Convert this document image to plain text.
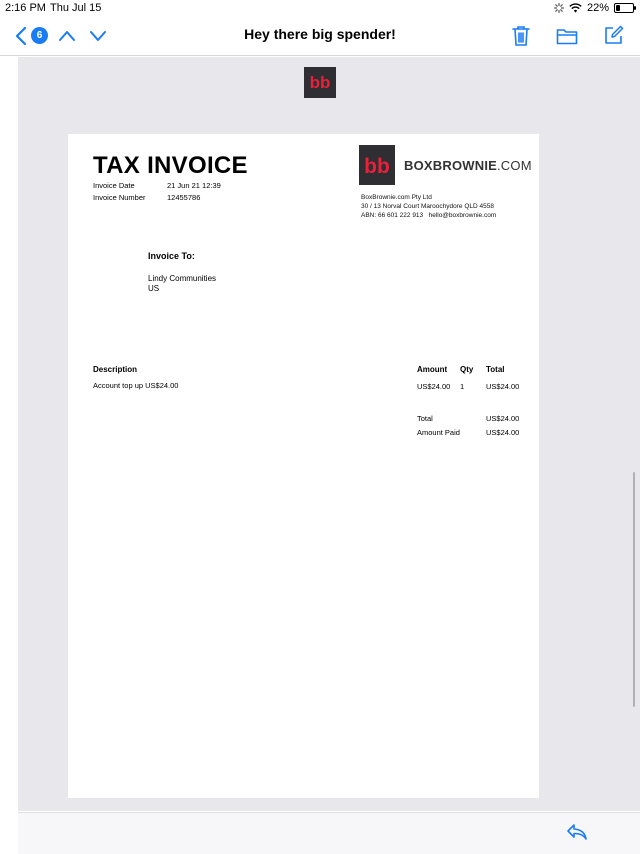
2:16 PM Thu Jul 15	22%
6	Hey there big spender!
bb
TAX INVOICE
Invoice Date	21 Jun 21 12:39
Invoice Number	12455786
bb	BOXBROWNIE.COM
BoxBrownie.com Pty Ltd
30 / 13 Norval Court Maroochydore QLD 4558
ABN: 66 601 222 913   hello@boxbrownie.com
Invoice To:
Lindy Communities
US
Description	Amount Qty Total
Account top up US$24.00	US$24.00 1	US$24.00
Total	US$24.00
Amount Paid	US$24.00
